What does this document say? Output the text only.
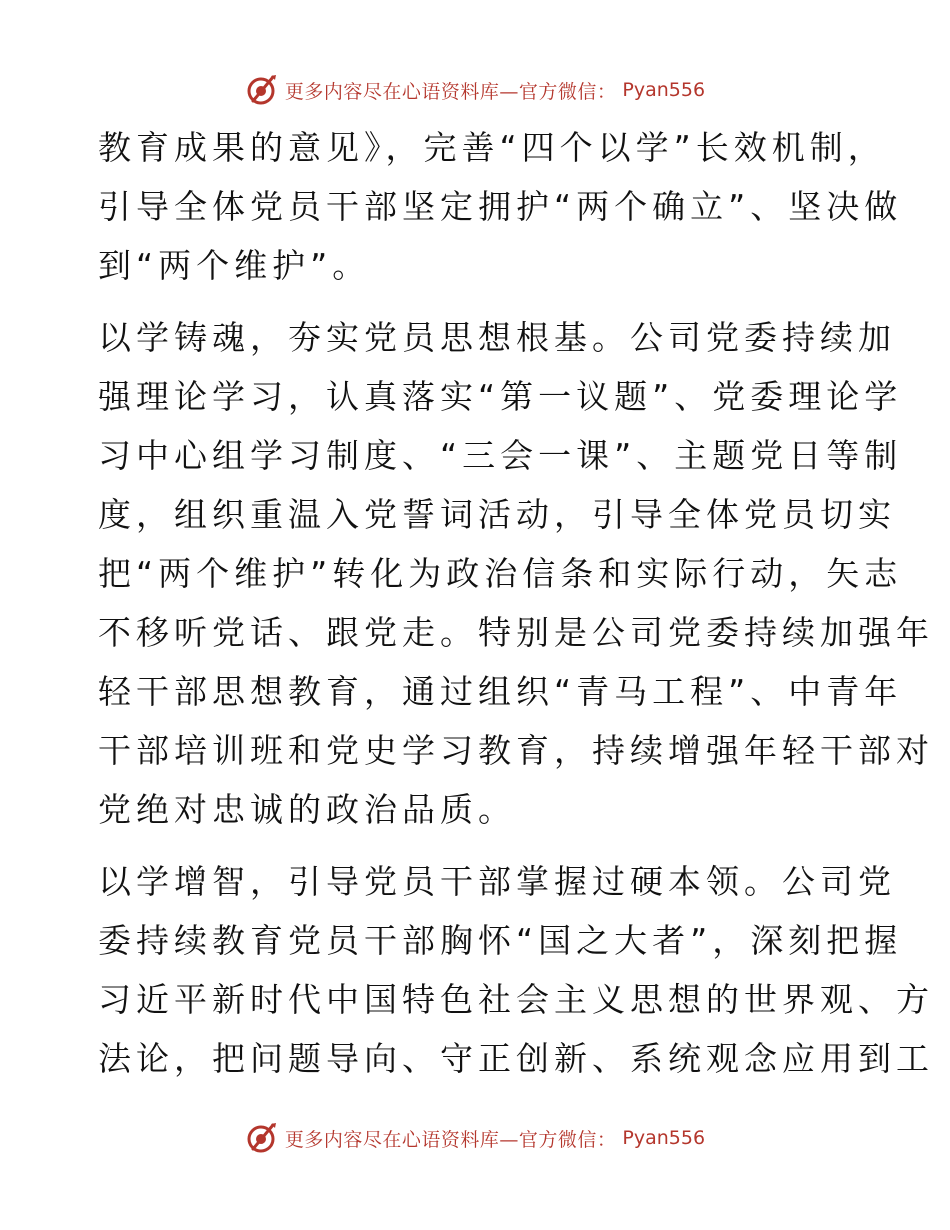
更多内容尽在心语资料库—官方微信： Pyan556

教育成果的意见》，完善“四个以学”长效机制，
引导全体党员干部坚定拥护“两个确立”、坚决做
到“两个维护”。

以学铸魂，夯实党员思想根基。公司党委持续加
强理论学习，认真落实“第一议题”、党委理论学
习中心组学习制度、“三会一课”、主题党日等制
度，组织重温入党誓词活动，引导全体党员切实
把“两个维护”转化为政治信条和实际行动，矢志
不移听党话、跟党走。特别是公司党委持续加强年
轻干部思想教育，通过组织“青马工程”、中青年
干部培训班和党史学习教育，持续增强年轻干部对
党绝对忠诚的政治品质。

以学增智，引导党员干部掌握过硬本领。公司党
委持续教育党员干部胸怀“国之大者”，深刻把握
习近平新时代中国特色社会主义思想的世界观、方
法论，把问题导向、守正创新、系统观念应用到工

更多内容尽在心语资料库—官方微信： Pyan556
